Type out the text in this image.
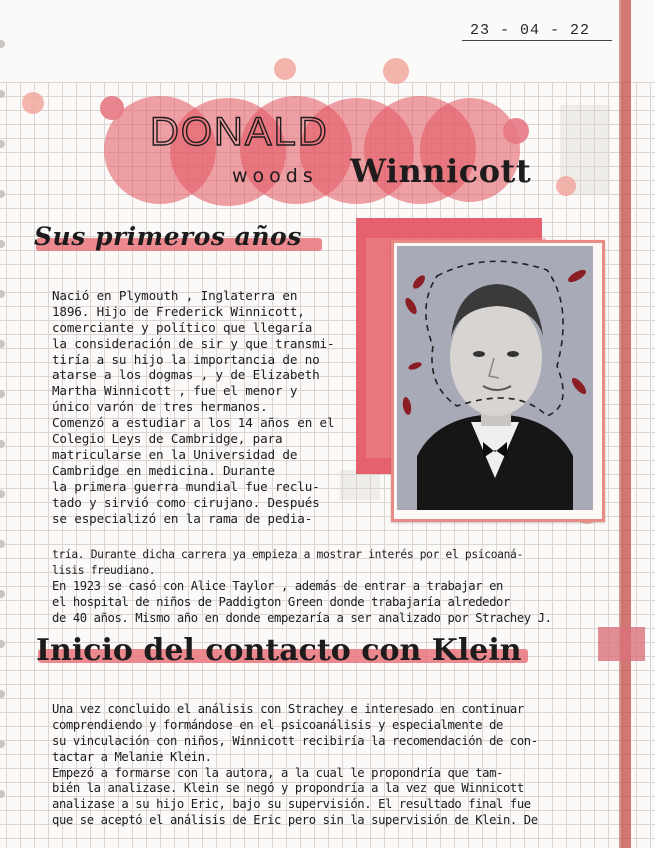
23 - 04 - 22
DONALD
woods Winnicott
Sus primeros años

Nació en Plymouth , Inglaterra en
1896. Hijo de Frederick Winnicott,
comerciante y político que llegaría
la consideración de sir y que transmi-
tiría a su hijo la importancia de no
atarse a los dogmas , y de Elizabeth
Martha Winnicott , fue el menor y
único varón de tres hermanos.
Comenzó a estudiar a los 14 años en el
Colegio Leys de Cambridge, para
matricularse en la Universidad de
Cambridge en medicina. Durante
la primera guerra mundial fue reclu-
tado y sirvió como cirujano. Después
se especializó en la rama de pedia-

tría. Durante dicha carrera ya empieza a mostrar interés por el psicoaná-
lisis freudiano.

En 1923 se casó con Alice Taylor , además de entrar a trabajar en
el hospital de niños de Paddigton Green donde trabajaría alrededor
de 40 años. Mismo año en donde empezaría a ser analizado por Strachey J.

Inicio del contacto con Klein

Una vez concluido el análisis con Strachey e interesado en continuar
comprendiendo y formándose en el psicoanálisis y especialmente de
su vinculación con niños, Winnicott recibiría la recomendación de con-
tactar a Melanie Klein.
Empezó a formarse con la autora, a la cual le propondría que tam-
bién la analizase. Klein se negó y propondría a la vez que Winnicott
analizase a su hijo Eric, bajo su supervisión. El resultado final fue
que se aceptó el análisis de Eric pero sin la supervisión de Klein. De
